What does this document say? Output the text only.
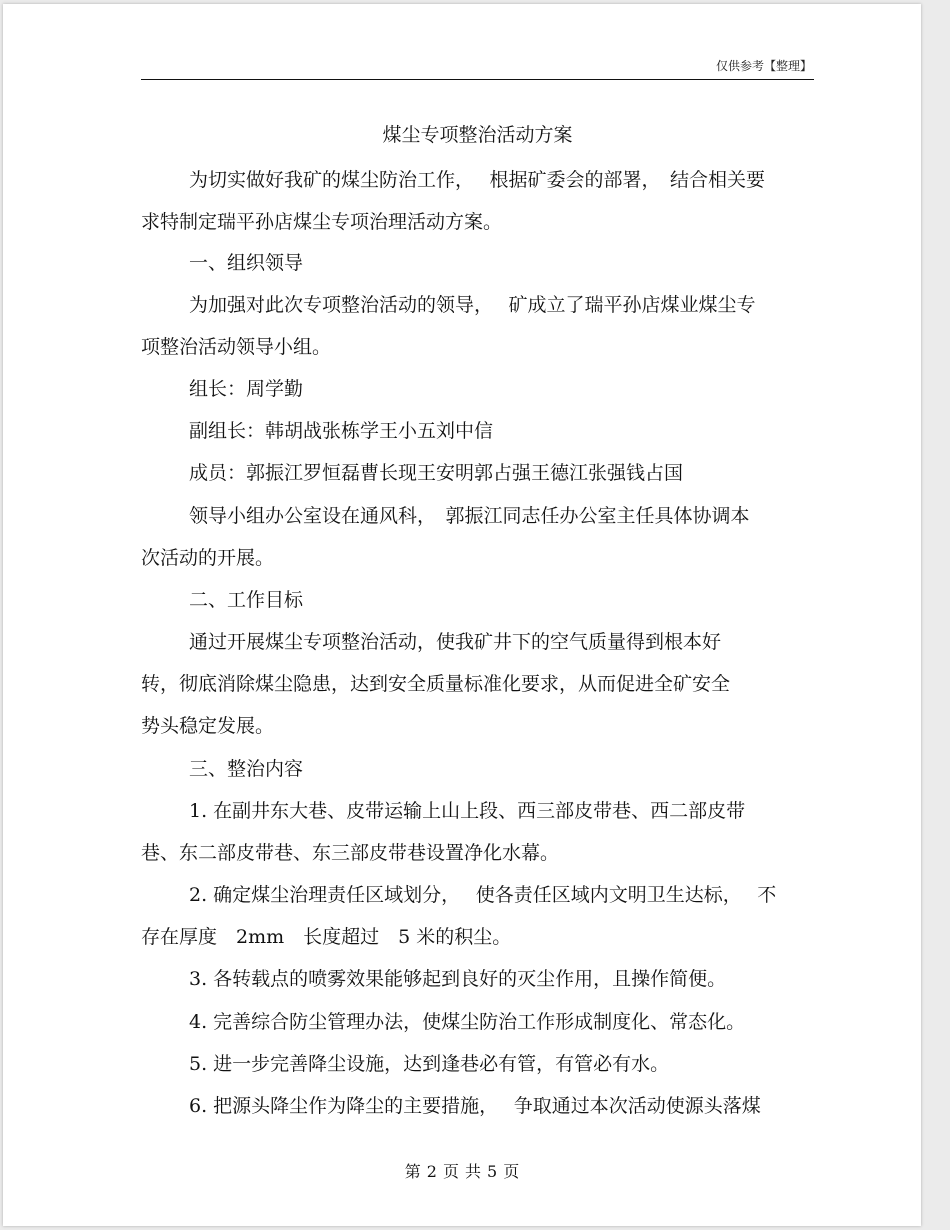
仅供参考【整理】
煤尘专项整治活动方案
为切实做好我矿的煤尘防治工作，　 根据矿委会的部署，　结合相关要
求特制定瑞平孙店煤尘专项治理活动方案。
一、组织领导
为加强对此次专项整治活动的领导，　 矿成立了瑞平孙店煤业煤尘专
项整治活动领导小组。
组长：周学勤
副组长：韩胡战张栋学王小五刘中信
成员：郭振江罗恒磊曹长现王安明郭占强王德江张强钱占国
领导小组办公室设在通风科，　郭振江同志任办公室主任具体协调本
次活动的开展。
二、工作目标
通过开展煤尘专项整治活动，使我矿井下的空气质量得到根本好
转，彻底消除煤尘隐患，达到安全质量标准化要求，从而促进全矿安全
势头稳定发展。
三、整治内容
1. 在副井东大巷、皮带运输上山上段、西三部皮带巷、西二部皮带
巷、东二部皮带巷、东三部皮带巷设置净化水幕。
2. 确定煤尘治理责任区域划分，　 使各责任区域内文明卫生达标，　 不
存在厚度　2mm　长度超过　5 米的积尘。
3. 各转载点的喷雾效果能够起到良好的灭尘作用，且操作简便。
4. 完善综合防尘管理办法，使煤尘防治工作形成制度化、常态化。
5. 进一步完善降尘设施，达到逢巷必有管，有管必有水。
6. 把源头降尘作为降尘的主要措施，　 争取通过本次活动使源头落煤
第 2 页 共 5 页
